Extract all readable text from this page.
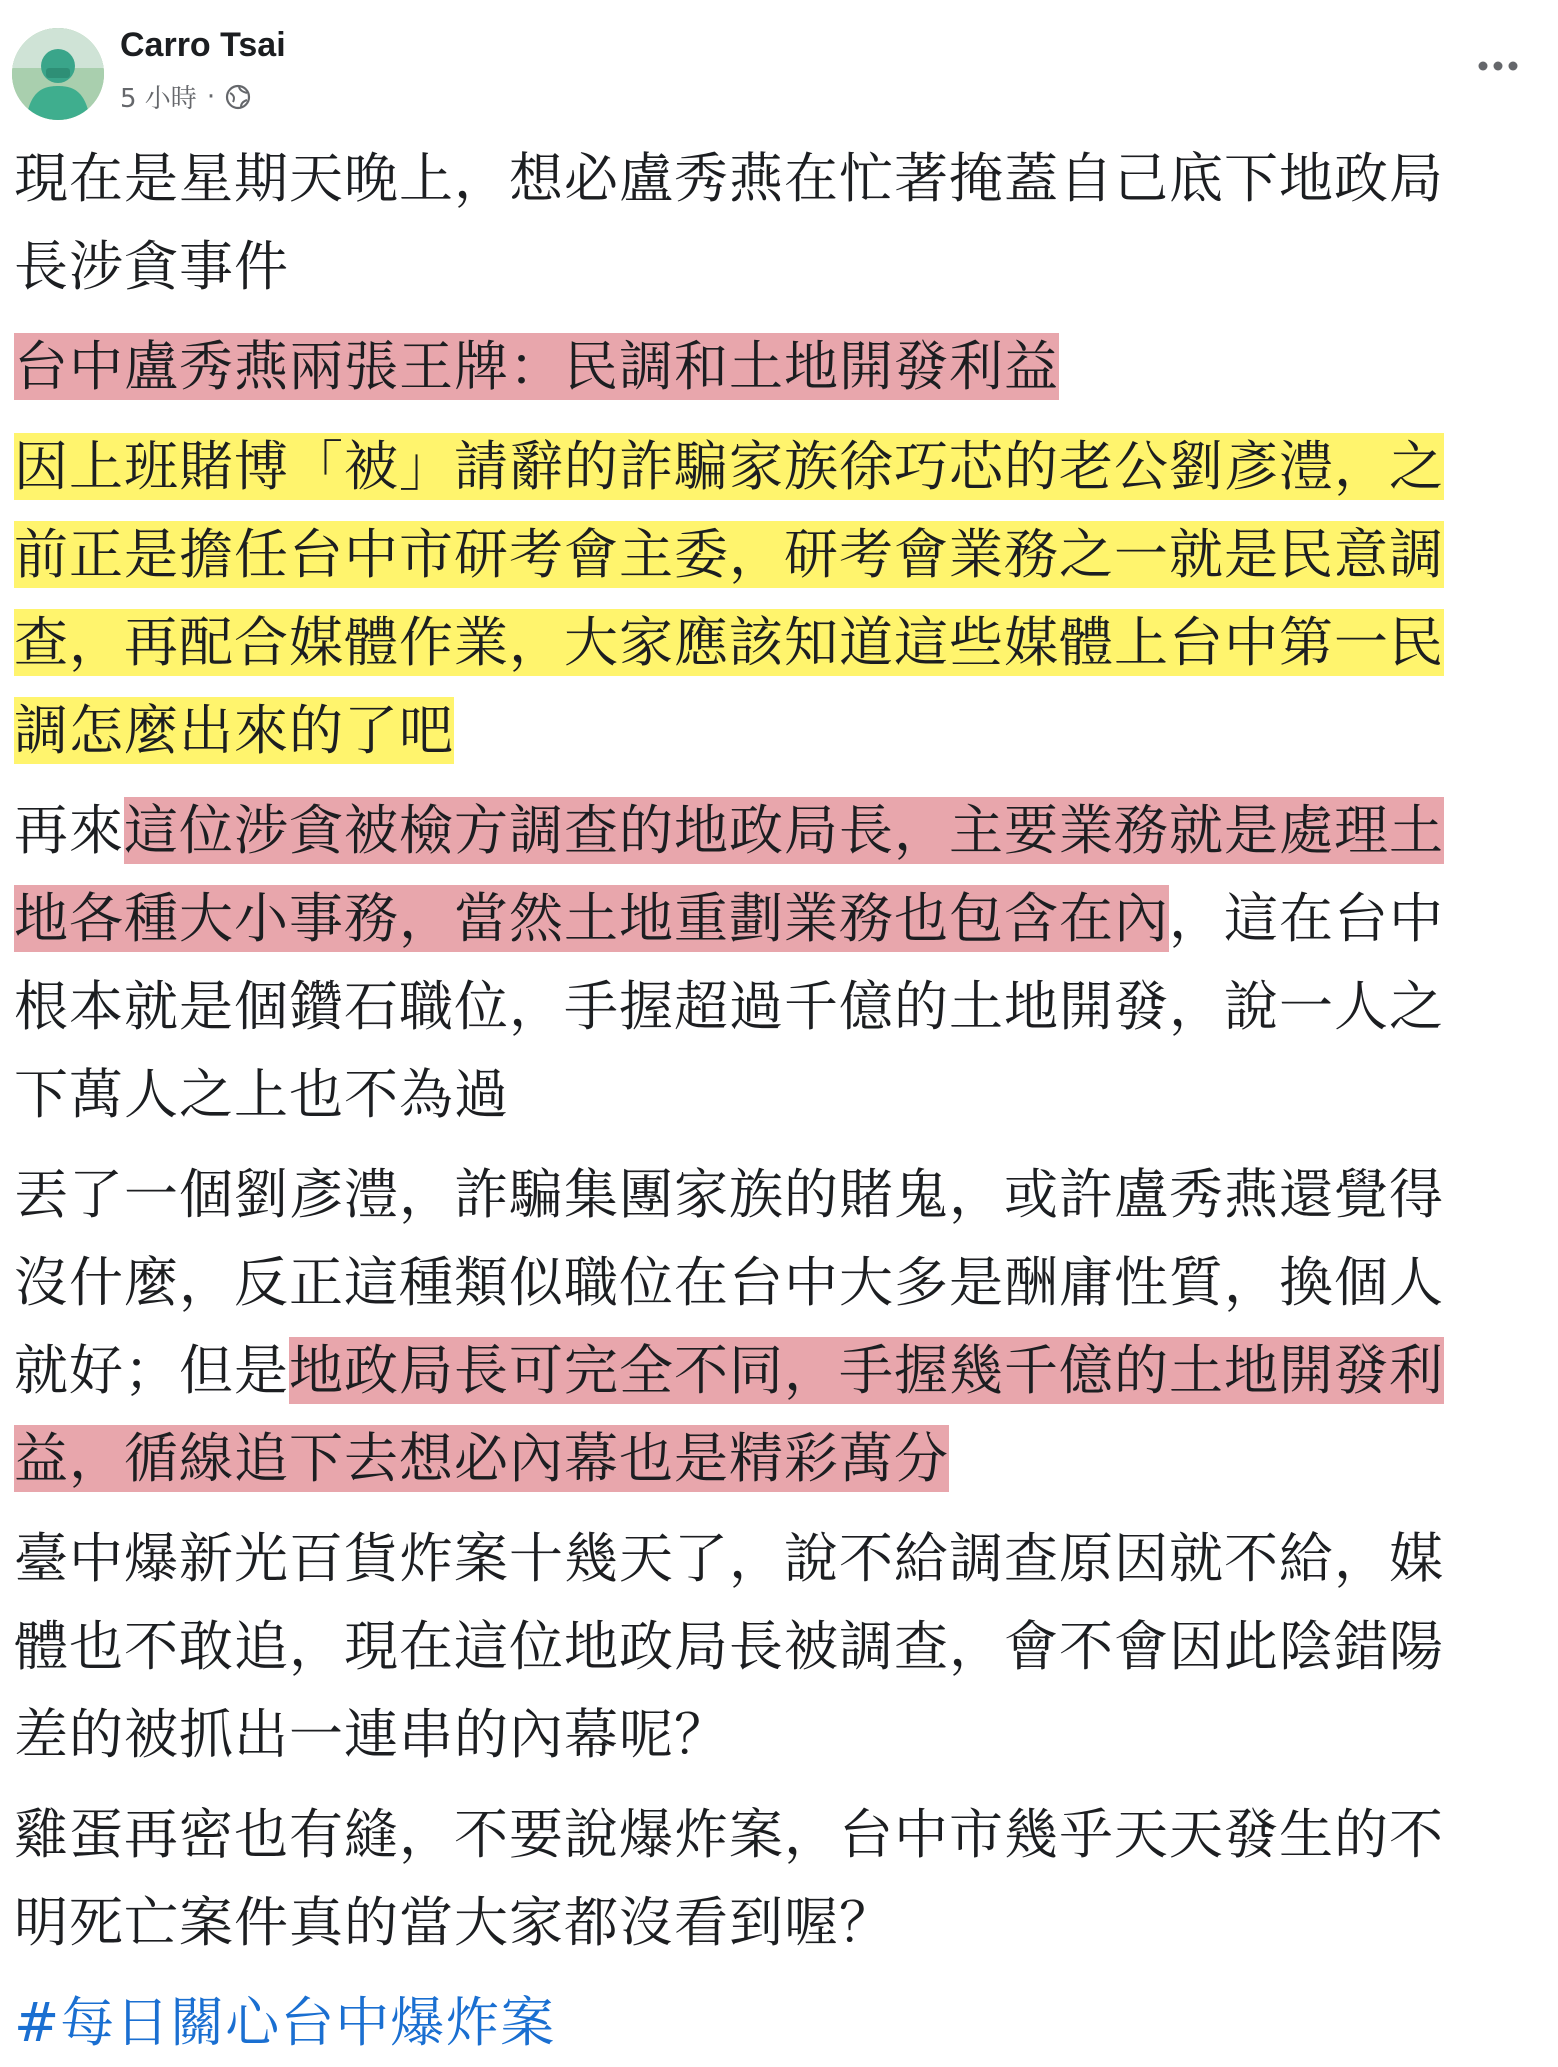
Carro Tsai
5 小時 ·
現在是星期天晚上，想必盧秀燕在忙著掩蓋自己底下地政局長涉貪事件
台中盧秀燕兩張王牌：民調和土地開發利益
因上班賭博「被」請辭的詐騙家族徐巧芯的老公劉彥澧，之前正是擔任台中市研考會主委，研考會業務之一就是民意調查，再配合媒體作業，大家應該知道這些媒體上台中第一民調怎麼出來的了吧
再來這位涉貪被檢方調查的地政局長，主要業務就是處理土地各種大小事務，當然土地重劃業務也包含在內，這在台中根本就是個鑽石職位，手握超過千億的土地開發，說一人之下萬人之上也不為過
丟了一個劉彥澧，詐騙集團家族的賭鬼，或許盧秀燕還覺得沒什麼，反正這種類似職位在台中大多是酬庸性質，換個人就好；但是地政局長可完全不同，手握幾千億的土地開發利益，循線追下去想必內幕也是精彩萬分
臺中爆新光百貨炸案十幾天了，說不給調查原因就不給，媒體也不敢追，現在這位地政局長被調查，會不會因此陰錯陽差的被抓出一連串的內幕呢？
雞蛋再密也有縫，不要說爆炸案，台中市幾乎天天發生的不明死亡案件真的當大家都沒看到喔？
#每日關心台中爆炸案
